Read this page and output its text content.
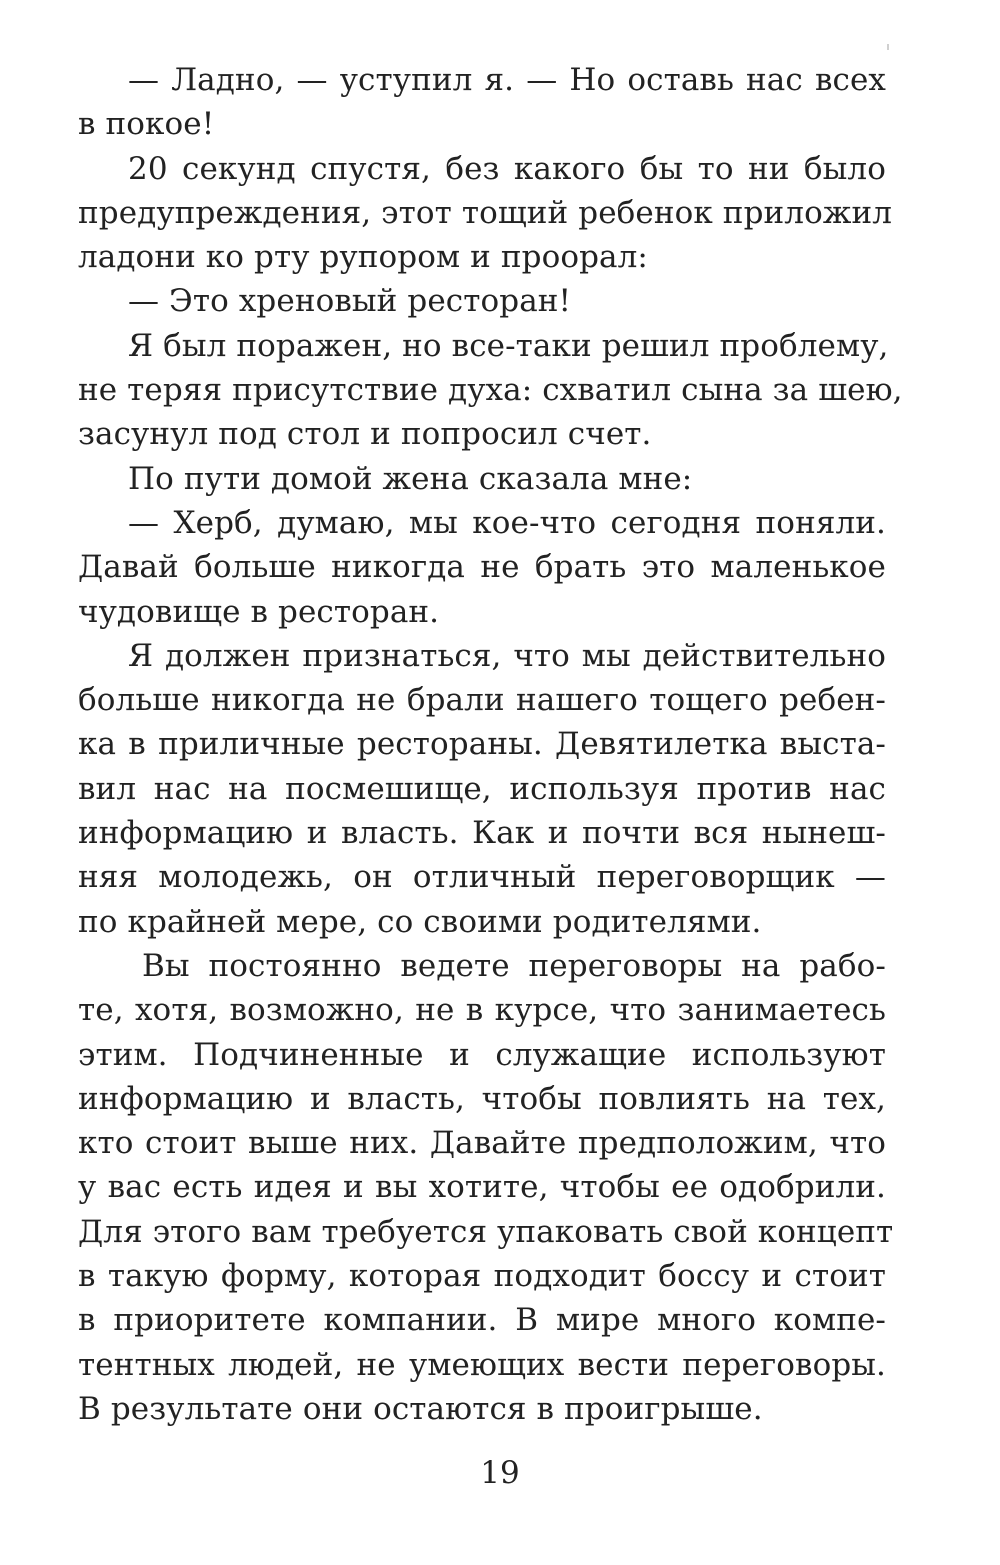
— Ладно, — уступил я. — Но оставь нас всех
в покое!
20 секунд спустя, без какого бы то ни было
предупреждения, этот тощий ребенок приложил
ладони ко рту рупором и проорал:
— Это хреновый ресторан!
Я был поражен, но все-таки решил проблему,
не теряя присутствие духа: схватил сына за шею,
засунул под стол и попросил счет.
По пути домой жена сказала мне:
— Херб, думаю, мы кое-что сегодня поняли.
Давай больше никогда не брать это маленькое
чудовище в ресторан.
Я должен признаться, что мы действительно
больше никогда не брали нашего тощего ребен-
ка в приличные рестораны. Девятилетка выста-
вил нас на посмешище, используя против нас
информацию и власть. Как и почти вся нынеш-
няя молодежь, он отличный переговорщик —
по крайней мере, со своими родителями.
Вы постоянно ведете переговоры на рабо-
те, хотя, возможно, не в курсе, что занимаетесь
этим. Подчиненные и служащие используют
информацию и власть, чтобы повлиять на тех,
кто стоит выше них. Давайте предположим, что
у вас есть идея и вы хотите, чтобы ее одобрили.
Для этого вам требуется упаковать свой концепт
в такую форму, которая подходит боссу и стоит
в приоритете компании. В мире много компе-
тентных людей, не умеющих вести переговоры.
В результате они остаются в проигрыше.
19
